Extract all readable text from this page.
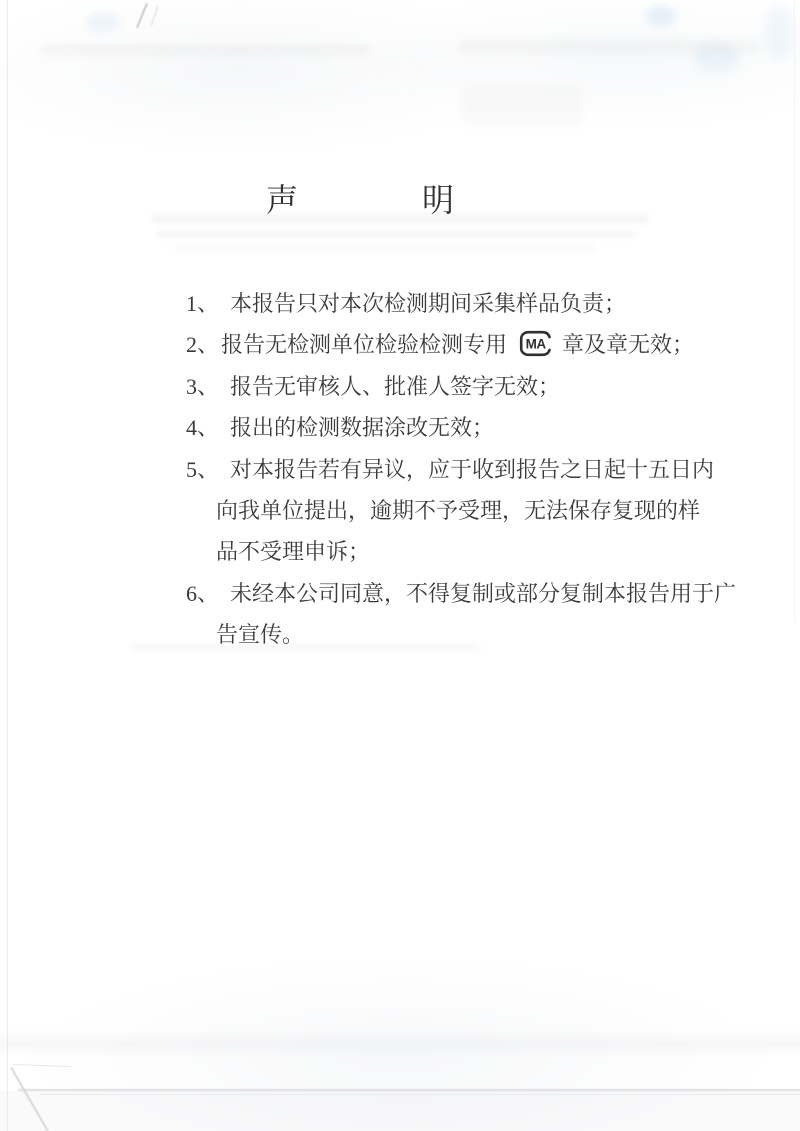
声	明
1、 本报告只对本次检测期间采集样品负责；
2、报告无检测单位检验检测专用 MA 章及章无效；
3、 报告无审核人、批准人签字无效；
4、 报出的检测数据涂改无效；
5、 对本报告若有异议，应于收到报告之日起十五日内
向我单位提出，逾期不予受理，无法保存复现的样
品不受理申诉；
6、 未经本公司同意，不得复制或部分复制本报告用于广
告宣传。
